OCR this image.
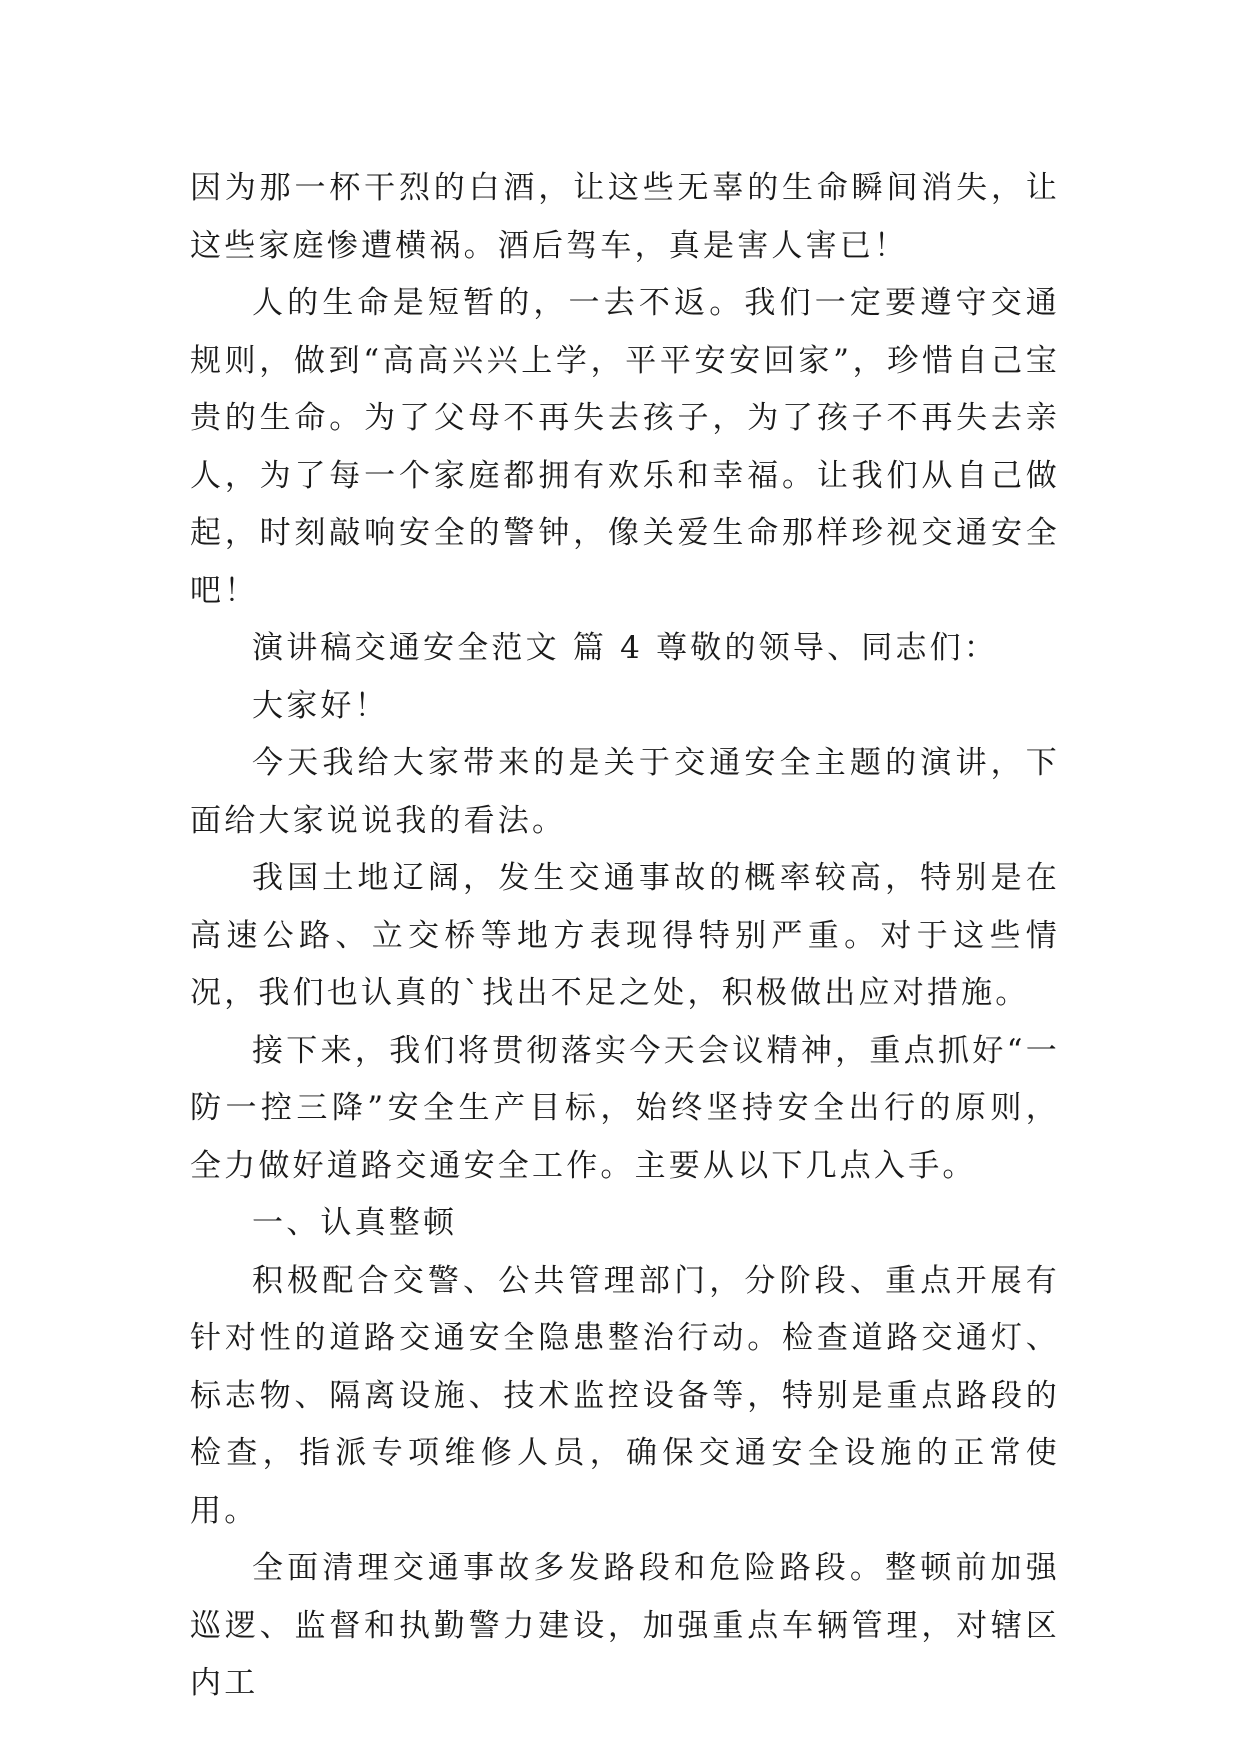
因为那一杯干烈的白酒，让这些无辜的生命瞬间消失，让这些家庭惨遭横祸。酒后驾车，真是害人害已！

人的生命是短暂的，一去不返。我们一定要遵守交通规则，做到“高高兴兴上学，平平安安回家”，珍惜自己宝贵的生命。为了父母不再失去孩子，为了孩子不再失去亲人，为了每一个家庭都拥有欢乐和幸福。让我们从自己做起，时刻敲响安全的警钟，像关爱生命那样珍视交通安全吧！

演讲稿交通安全范文 篇 4 尊敬的领导、同志们：

大家好！

今天我给大家带来的是关于交通安全主题的演讲，下面给大家说说我的看法。

我国土地辽阔，发生交通事故的概率较高，特别是在高速公路、立交桥等地方表现得特别严重。对于这些情况，我们也认真的`找出不足之处，积极做出应对措施。

接下来，我们将贯彻落实今天会议精神，重点抓好“一防一控三降”安全生产目标，始终坚持安全出行的原则，全力做好道路交通安全工作。主要从以下几点入手。

一、认真整顿

积极配合交警、公共管理部门，分阶段、重点开展有针对性的道路交通安全隐患整治行动。检查道路交通灯、标志物、隔离设施、技术监控设备等，特别是重点路段的检查，指派专项维修人员，确保交通安全设施的正常使用。

全面清理交通事故多发路段和危险路段。整顿前加强巡逻、监督和执勤警力建设，加强重点车辆管理，对辖区内工
